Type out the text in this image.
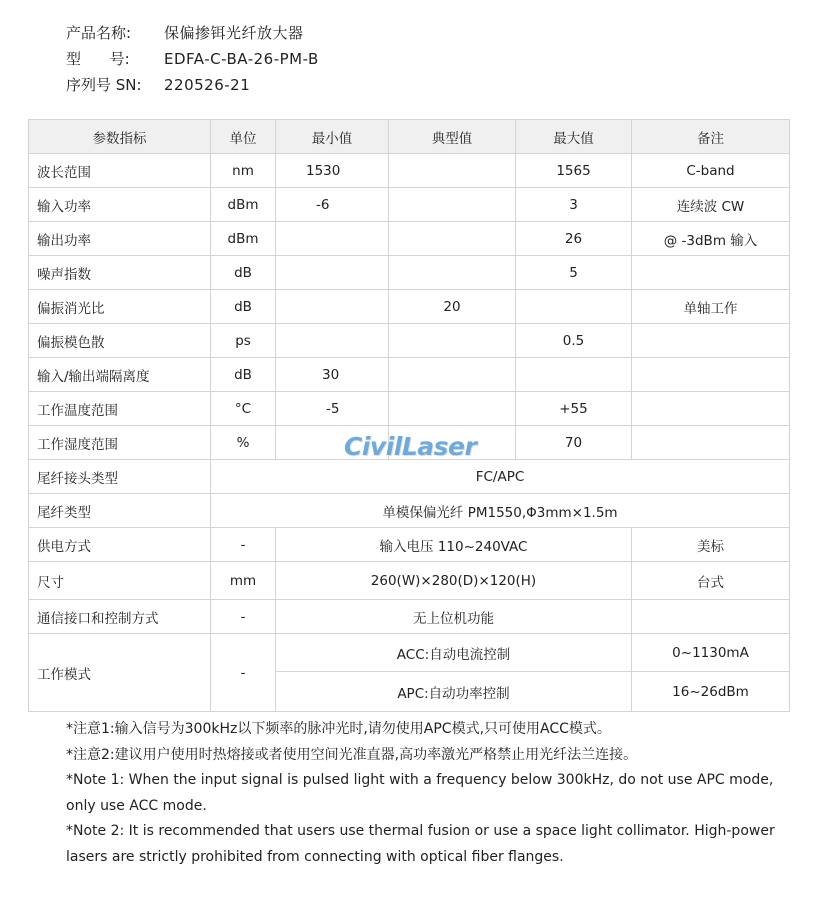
产品名称:	保偏掺铒光纤放大器
型      号:	EDFA-C-BA-26-PM-B
序列号 SN:	220526-21
参数指标	单位	最小值	典型值	最大值	备注
波长范围	nm	1530		1565	C-band
输入功率	dBm	-6		3	连续波 CW
输出功率	dBm			26	@ -3dBm 输入
噪声指数	dB			5	
偏振消光比	dB		20		单轴工作
偏振模色散	ps			0.5	
输入/输出端隔离度	dB	30			
工作温度范围	°C	-5		+55	
工作湿度范围	%			70	
尾纤接头类型	FC/APC				
尾纤类型	单模保偏光纤 PM1550,Φ3mm×1.5m				
供电方式	-	输入电压 110~240VAC			美标
尺寸	mm	260(W)×280(D)×120(H)			台式
通信接口和控制方式	-	无上位机功能			
工作模式	-	ACC:自动电流控制			0~1130mA
		APC:自动功率控制			16~26dBm
CivilLaser

*注意1:输入信号为300kHz以下频率的脉冲光时,请勿使用APC模式,只可使用ACC模式。

*注意2:建议用户使用时热熔接或者使用空间光准直器,高功率激光严格禁止用光纤法兰连接。

*Note 1: When the input signal is pulsed light with a frequency below 300kHz, do not use APC mode, only use ACC mode.

*Note 2: It is recommended that users use thermal fusion or use a space light collimator. High-power lasers are strictly prohibited from connecting with optical fiber flanges.
